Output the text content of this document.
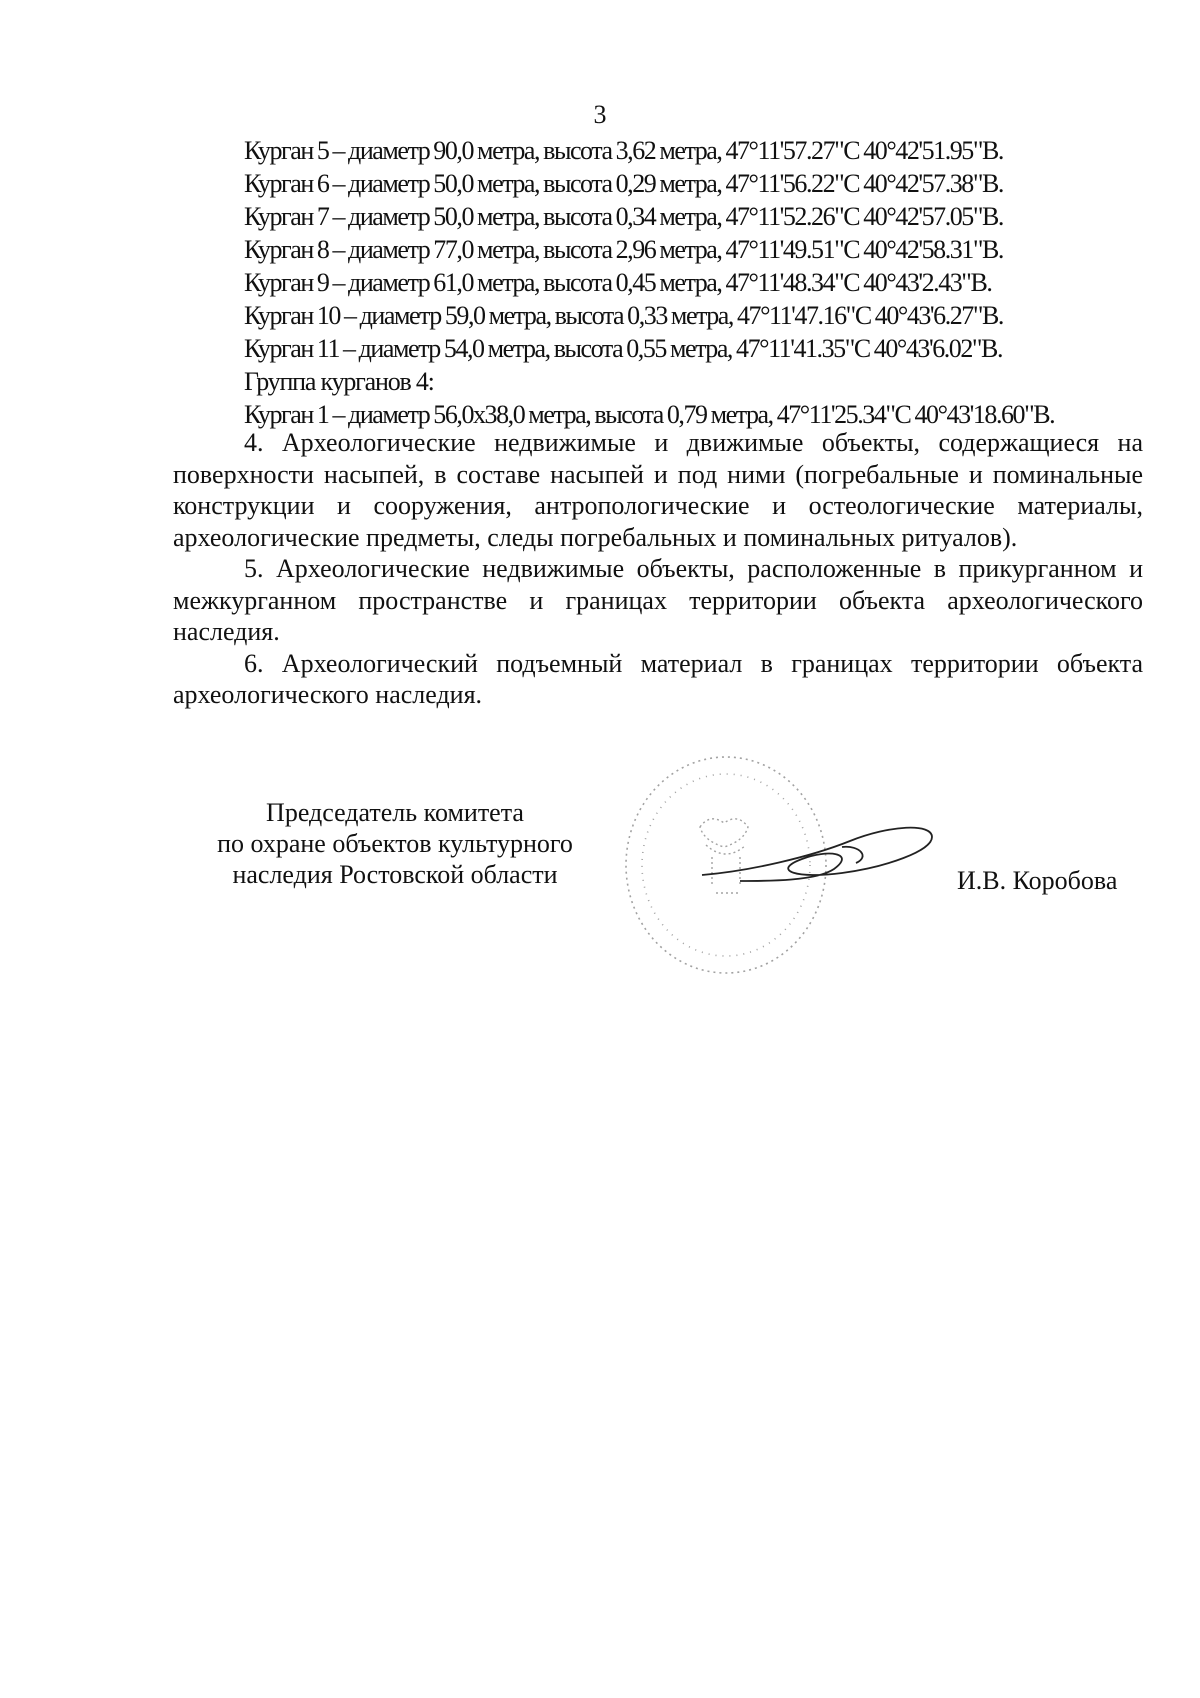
3
Курган 5 – диаметр 90,0 метра, высота 3,62 метра, 47°11'57.27"С 40°42'51.95"В.
Курган 6 – диаметр 50,0 метра, высота 0,29 метра, 47°11'56.22"С 40°42'57.38"В.
Курган 7 – диаметр 50,0 метра, высота 0,34 метра, 47°11'52.26"С 40°42'57.05"В.
Курган 8 – диаметр 77,0 метра, высота 2,96 метра, 47°11'49.51"С 40°42'58.31"В.
Курган 9 – диаметр 61,0 метра, высота 0,45 метра, 47°11'48.34"С 40°43'2.43"В.
Курган 10 – диаметр 59,0 метра, высота 0,33 метра, 47°11'47.16"С 40°43'6.27"В.
Курган 11 – диаметр 54,0 метра, высота 0,55 метра, 47°11'41.35"С 40°43'6.02"В.
Группа курганов 4:
Курган 1 – диаметр 56,0х38,0 метра, высота 0,79 метра, 47°11'25.34"С 40°43'18.60"В.

4. Археологические недвижимые и движимые объекты, содержащиеся на поверхности насыпей, в составе насыпей и под ними (погребальные и поминальные конструкции и сооружения, антропологические и остеологические материалы, археологические предметы, следы погребальных и поминальных ритуалов).

5. Археологические недвижимые объекты, расположенные в прикурганном и межкурганном пространстве и границах территории объекта археологического наследия.

6. Археологический подъемный материал в границах территории объекта археологического наследия.

Председатель комитета
по охране объектов культурного
наследия Ростовской области	И.В. Коробова
